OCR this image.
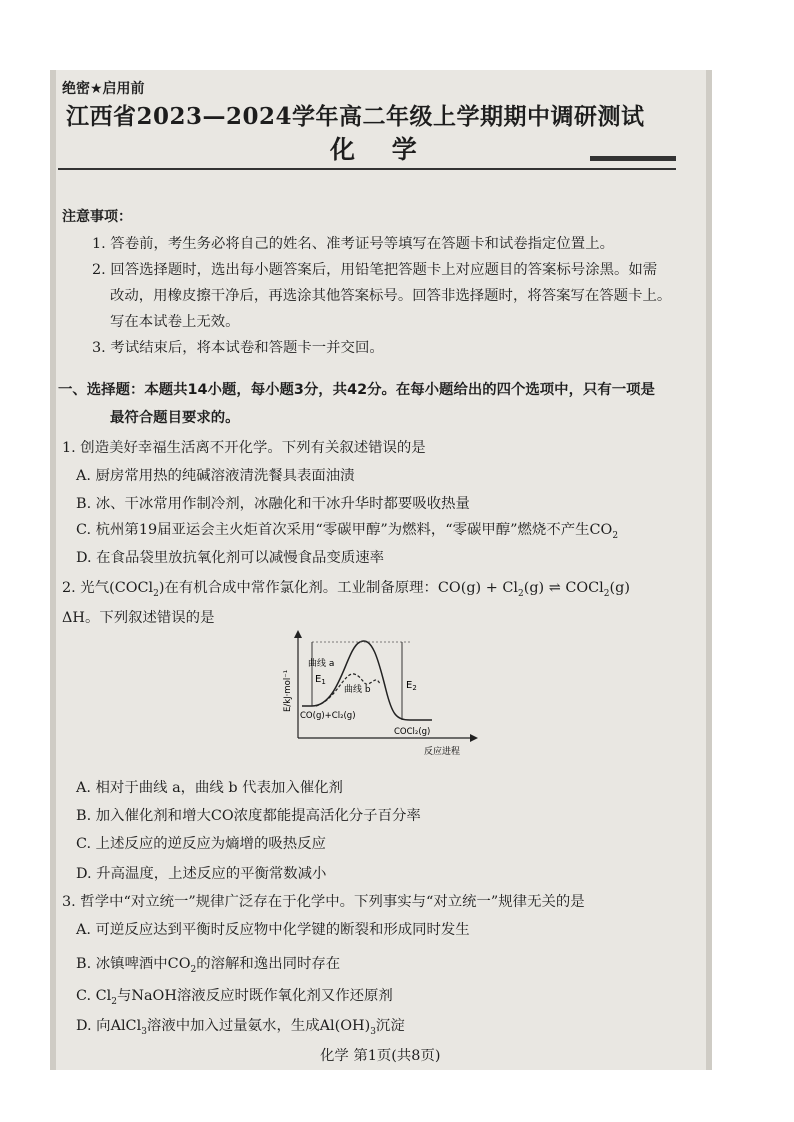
绝密★启用前
江西省2023—2024学年高二年级上学期期中调研测试
化 学
注意事项：
1. 答卷前，考生务必将自己的姓名、准考证号等填写在答题卡和试卷指定位置上。
2. 回答选择题时，选出每小题答案后，用铅笔把答题卡上对应题目的答案标号涂黑。如需
改动，用橡皮擦干净后，再选涂其他答案标号。回答非选择题时，将答案写在答题卡上。
写在本试卷上无效。
3. 考试结束后，将本试卷和答题卡一并交回。
一、选择题：本题共14小题，每小题3分，共42分。在每小题给出的四个选项中，只有一项是
最符合题目要求的。
1. 创造美好幸福生活离不开化学。下列有关叙述错误的是
A. 厨房常用热的纯碱溶液清洗餐具表面油渍
B. 冰、干冰常用作制冷剂，冰融化和干冰升华时都要吸收热量
C. 杭州第19届亚运会主火炬首次采用“零碳甲醇”为燃料，“零碳甲醇”燃烧不产生$CO_2$
D. 在食品袋里放抗氧化剂可以减慢食品变质速率
2. 光气(COCl$_2$)在有机合成中常作氯化剂。工业制备原理：$CO(g) + Cl_2(g)$ ⇌ COCl$_2$(g)
ΔH。下列叙述错误的是
曲线 a
曲线 b
$E_1$	$E_2$
CO(g)+Cl₂(g)
COCl₂(g)
E/kJ·mol⁻¹
反应进程
A. 相对于曲线 a，曲线 b 代表加入催化剂
B. 加入催化剂和增大CO浓度都能提高活化分子百分率
C. 上述反应的逆反应为熵增的吸热反应
D. 升高温度，上述反应的平衡常数减小
3. 哲学中“对立统一”规律广泛存在于化学中。下列事实与“对立统一”规律无关的是
A. 可逆反应达到平衡时反应物中化学键的断裂和形成同时发生
B. 冰镇啤酒中$CO_2$的溶解和逸出同时存在
C. $Cl_2$与NaOH溶液反应时既作氧化剂又作还原剂
D. 向AlCl$_3$溶液中加入过量氨水，生成$Al(OH)_3$沉淀
化学 第1页(共8页)
